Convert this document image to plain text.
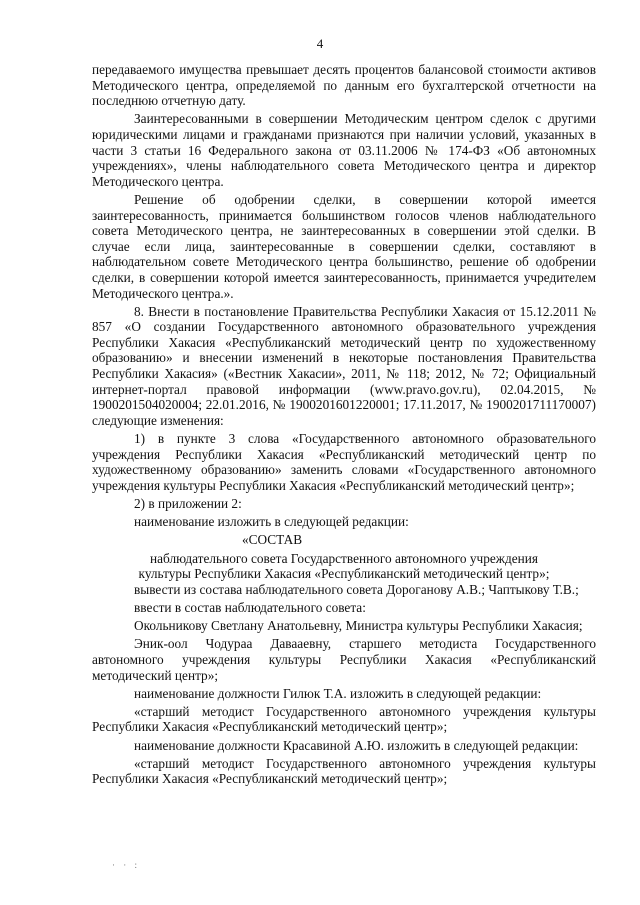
4

передаваемого имущества превышает десять процентов балансовой стоимости активов Методического центра, определяемой по данным его бухгалтерской отчетности на последнюю отчетную дату.

Заинтересованными в совершении Методическим центром сделок с другими юридическими лицами и гражданами признаются при наличии условий, указанных в части 3 статьи 16 Федерального закона от 03.11.2006 № 174-ФЗ «Об автономных учреждениях», члены наблюдательного совета Методического центра и директор Методического центра.

Решение об одобрении сделки, в совершении которой имеется заинтересованность, принимается большинством голосов членов наблюдательного совета Методического центра, не заинтересованных в совершении этой сделки. В случае если лица, заинтересованные в совершении сделки, составляют в наблюдательном совете Методического центра большинство, решение об одобрении сделки, в совершении которой имеется заинтересованность, принимается учредителем Методического центра.».

8. Внести в постановление Правительства Республики Хакасия от 15.12.2011 № 857 «О создании Государственного автономного образовательного учреждения Республики Хакасия «Республиканский методический центр по художественному образованию» и внесении изменений в некоторые постановления Правительства Республики Хакасия» («Вестник Хакасии», 2011, № 118; 2012, № 72; Официальный интернет-портал правовой информации (www.pravo.gov.ru), 02.04.2015, № 1900201504020004; 22.01.2016, № 1900201601220001; 17.11.2017, № 1900201711170007) следующие изменения:

1) в пункте 3 слова «Государственного автономного образовательного учреждения Республики Хакасия «Республиканский методический центр по художественному образованию» заменить словами «Государственного автономного учреждения культуры Республики Хакасия «Республиканский методический центр»;

2) в приложении 2:

наименование изложить в следующей редакции:

«СОСТАВ

наблюдательного совета Государственного автономного учреждения

культуры Республики Хакасия «Республиканский методический центр»;

вывести из состава наблюдательного совета Дороганову А.В.; Чаптыкову Т.В.;

ввести в состав наблюдательного совета:

Окольникову Светлану Анатольевну, Министра культуры Республики Хакасия;

Эник-оол Чодураа Давааевну, старшего методиста Государственного автономного учреждения культуры Республики Хакасия «Республиканский методический центр»;

наименование должности Гилюк Т.А. изложить в следующей редакции:

«старший методист Государственного автономного учреждения культуры Республики Хакасия «Республиканский методический центр»;

наименование должности Красавиной А.Ю. изложить в следующей редакции:

«старший методист Государственного автономного учреждения культуры Республики Хакасия «Республиканский методический центр»;

· · :
